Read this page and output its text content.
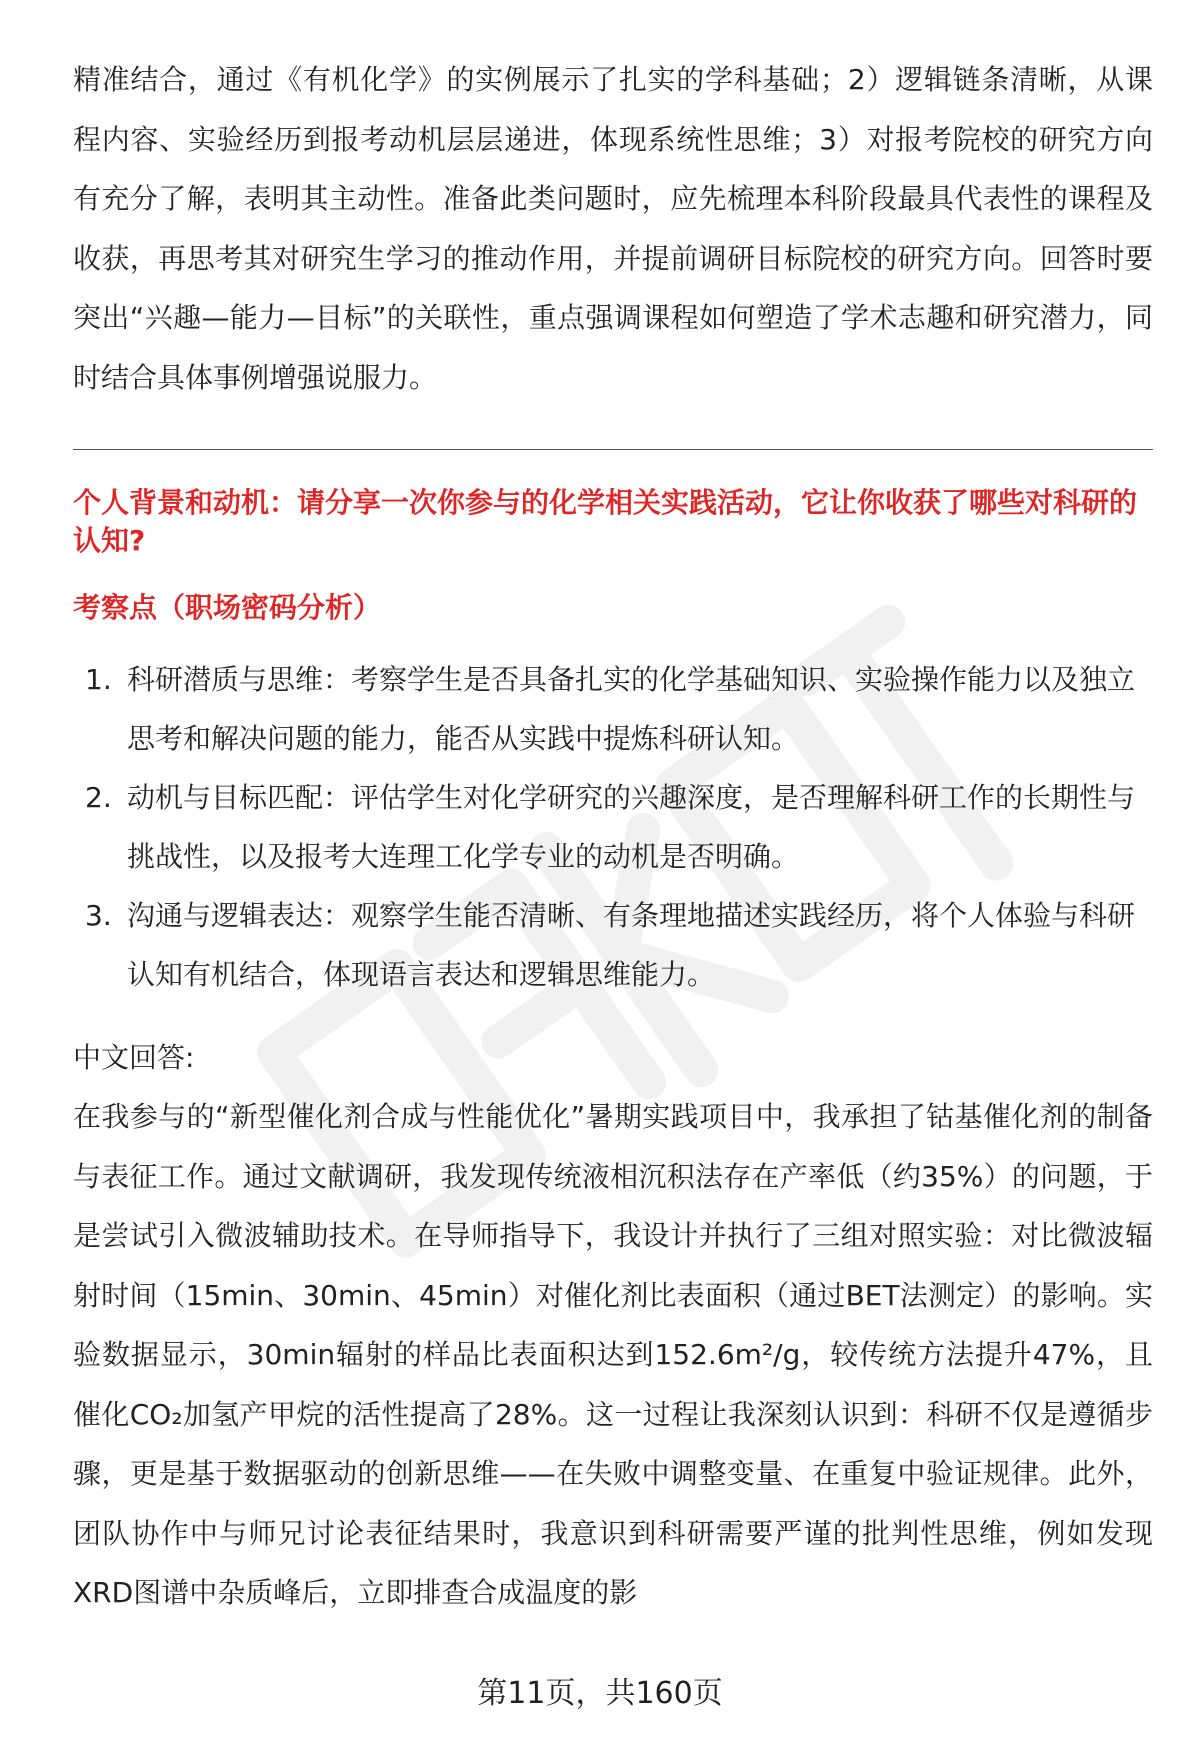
精准结合，通过《有机化学》的实例展示了扎实的学科基础；2）逻辑链条清晰，从课程内容、实验经历到报考动机层层递进，体现系统性思维；3）对报考院校的研究方向有充分了解，表明其主动性。准备此类问题时，应先梳理本科阶段最具代表性的课程及收获，再思考其对研究生学习的推动作用，并提前调研目标院校的研究方向。回答时要突出“兴趣—能力—目标”的关联性，重点强调课程如何塑造了学术志趣和研究潜力，同时结合具体事例增强说服力。

个人背景和动机：请分享一次你参与的化学相关实践活动，它让你收获了哪些对科研的认知?

考察点（职场密码分析）

1. 科研潜质与思维：考察学生是否具备扎实的化学基础知识、实验操作能力以及独立思考和解决问题的能力，能否从实践中提炼科研认知。
2. 动机与目标匹配：评估学生对化学研究的兴趣深度，是否理解科研工作的长期性与挑战性，以及报考大连理工化学专业的动机是否明确。
3. 沟通与逻辑表达：观察学生能否清晰、有条理地描述实践经历，将个人体验与科研认知有机结合，体现语言表达和逻辑思维能力。

中文回答:

在我参与的“新型催化剂合成与性能优化”暑期实践项目中，我承担了钴基催化剂的制备与表征工作。通过文献调研，我发现传统液相沉积法存在产率低（约35%）的问题，于是尝试引入微波辅助技术。在导师指导下，我设计并执行了三组对照实验：对比微波辐射时间（15min、30min、45min）对催化剂比表面积（通过BET法测定）的影响。实验数据显示，30min辐射的样品比表面积达到152.6m²/g，较传统方法提升47%，且催化CO₂加氢产甲烷的活性提高了28%。这一过程让我深刻认识到：科研不仅是遵循步骤，更是基于数据驱动的创新思维——在失败中调整变量、在重复中验证规律。此外，团队协作中与师兄讨论表征结果时，我意识到科研需要严谨的批判性思维，例如发现XRD图谱中杂质峰后，立即排查合成温度的影

第11页，共160页
